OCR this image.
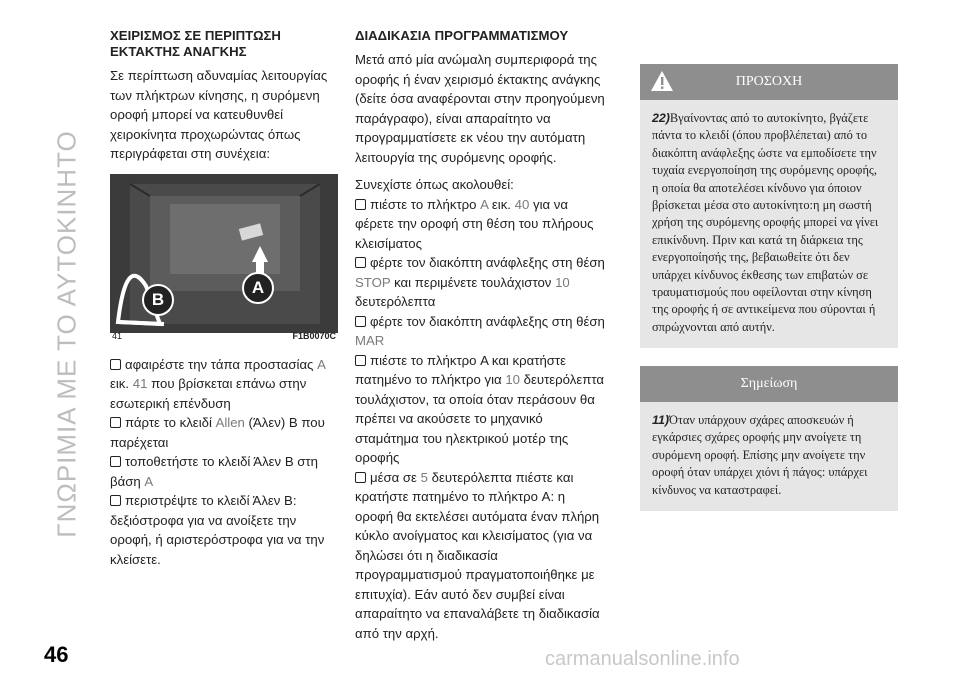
ΓΝΩΡΙΜΙΑ ΜΕ ΤΟ ΑΥΤΟΚΙΝΗΤΟ
ΧΕΙΡΙΣΜΟΣ ΣΕ ΠΕΡΙΠΤΩΣΗ ΕΚΤΑΚΤΗΣ ΑΝΑΓΚΗΣ

Σε περίπτωση αδυναμίας λειτουργίας των πλήκτρων κίνησης, η συρόμενη οροφή μπορεί να κατευθυνθεί χειροκίνητα προχωρώντας όπως περιγράφεται στη συνέχεια:

A
B
41	F1B0070C
αφαιρέστε την τάπα προστασίας A εικ. 41 που βρίσκεται επάνω στην εσωτερική επένδυση
πάρτε το κλειδί Allen (Άλεν) Β που παρέχεται
τοποθετήστε το κλειδί Άλεν Β στη βάση A
περιστρέψτε το κλειδί Άλεν Β: δεξιόστροφα για να ανοίξετε την οροφή, ή αριστερόστροφα για να την κλείσετε.
ΔΙΑΔΙΚΑΣΙΑ ΠΡΟΓΡΑΜΜΑΤΙΣΜΟΥ

Μετά από μία ανώμαλη συμπεριφορά της οροφής ή έναν χειρισμό έκτακτης ανάγκης (δείτε όσα αναφέρονται στην προηγούμενη παράγραφο), είναι απαραίτητο να προγραμματίσετε εκ νέου την αυτόματη λειτουργία της συρόμενης οροφής.

Συνεχίστε όπως ακολουθεί:

πιέστε το πλήκτρο A εικ. 40 για να φέρετε την οροφή στη θέση του πλήρους κλεισίματος
φέρτε τον διακόπτη ανάφλεξης στη θέση STOP και περιμένετε τουλάχιστον 10 δευτερόλεπτα
φέρτε τον διακόπτη ανάφλεξης στη θέση MAR
πιέστε το πλήκτρο A και κρατήστε πατημένο το πλήκτρο για 10 δευτερόλεπτα τουλάχιστον, τα οποία όταν περάσουν θα πρέπει να ακούσετε το μηχανικό σταμάτημα του ηλεκτρικού μοτέρ της οροφής
μέσα σε 5 δευτερόλεπτα πιέστε και κρατήστε πατημένο το πλήκτρο A: η οροφή θα εκτελέσει αυτόματα έναν πλήρη κύκλο ανοίγματος και κλεισίματος (για να δηλώσει ότι η διαδικασία προγραμματισμού πραγματοποιήθηκε με επιτυχία). Εάν αυτό δεν συμβεί είναι απαραίτητο να επαναλάβετε τη διαδικασία από την αρχή.
ΠΡΟΣΟΧΗ
22)Βγαίνοντας από το αυτοκίνητο, βγάζετε πάντα το κλειδί (όπου προβλέπεται) από το διακόπτη ανάφλεξης ώστε να εμποδίσετε την τυχαία ενεργοποίηση της συρόμενης οροφής, η οποία θα αποτελέσει κίνδυνο για όποιον βρίσκεται μέσα στο αυτοκίνητο:η μη σωστή χρήση της συρόμενης οροφής μπορεί να γίνει επικίνδυνη. Πριν και κατά τη διάρκεια της ενεργοποίησής της, βεβαιωθείτε ότι δεν υπάρχει κίνδυνος έκθεσης των επιβατών σε τραυματισμούς που οφείλονται στην κίνηση της οροφής ή σε αντικείμενα που σύρονται ή σπρώχνονται από αυτήν.
Σημείωση
11)Όταν υπάρχουν σχάρες αποσκευών ή εγκάρσιες σχάρες οροφής μην ανοίγετε τη συρόμενη οροφή. Επίσης μην ανοίγετε την οροφή όταν υπάρχει χιόνι ή πάγος: υπάρχει κίνδυνος να καταστραφεί.
46	carmanualsonline.info
